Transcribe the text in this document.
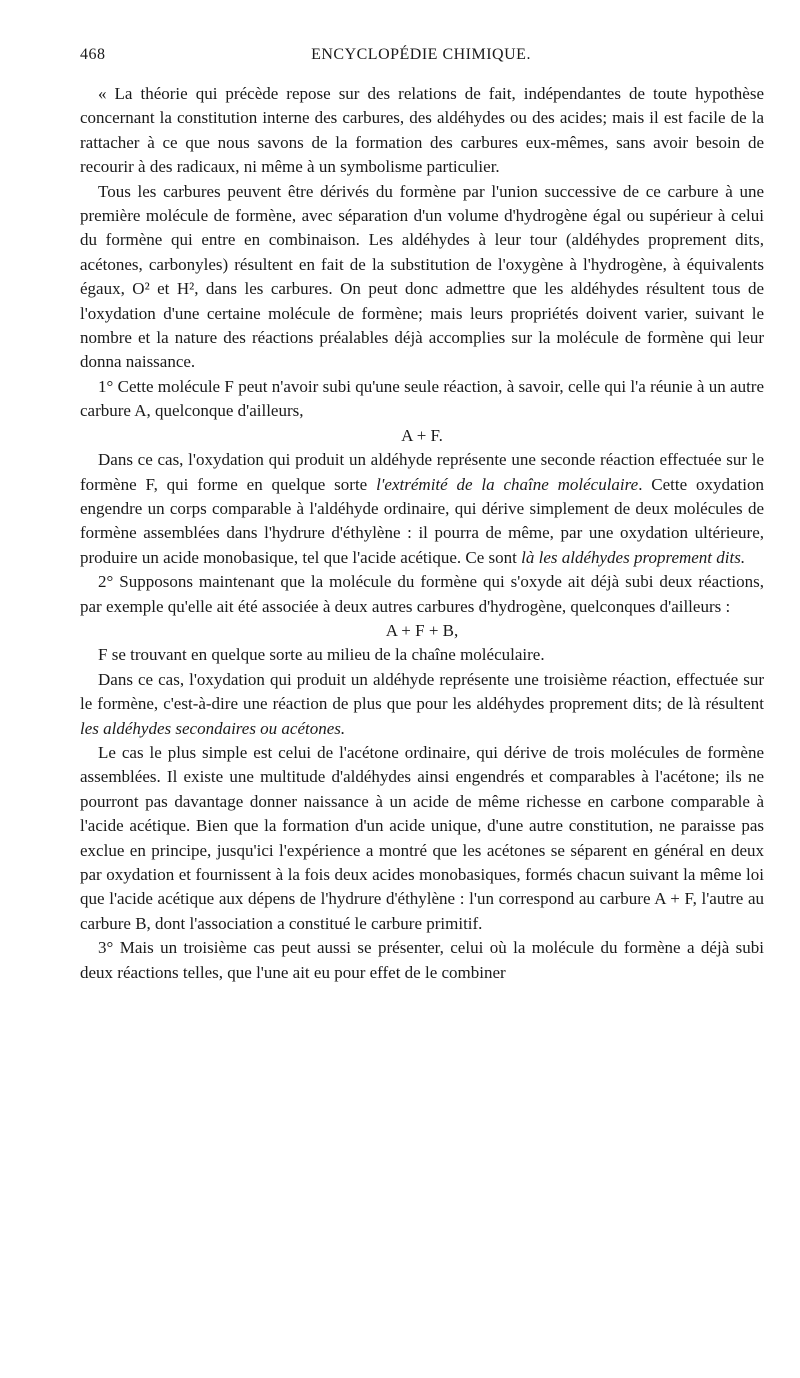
468	ENCYCLOPÉDIE CHIMIQUE.

« La théorie qui précède repose sur des relations de fait, indépendantes de toute hypothèse concernant la constitution interne des carbures, des aldéhydes ou des acides; mais il est facile de la rattacher à ce que nous savons de la formation des carbures eux-mêmes, sans avoir besoin de recourir à des radicaux, ni même à un symbolisme particulier.

Tous les carbures peuvent être dérivés du formène par l'union successive de ce carbure à une première molécule de formène, avec séparation d'un volume d'hydrogène égal ou supérieur à celui du formène qui entre en combinaison. Les aldéhydes à leur tour (aldéhydes proprement dits, acétones, carbonyles) résultent en fait de la substitution de l'oxygène à l'hydrogène, à équivalents égaux, O² et H², dans les carbures. On peut donc admettre que les aldéhydes résultent tous de l'oxydation d'une certaine molécule de formène; mais leurs propriétés doivent varier, suivant le nombre et la nature des réactions préalables déjà accomplies sur la molécule de formène qui leur donna naissance.

1° Cette molécule F peut n'avoir subi qu'une seule réaction, à savoir, celle qui l'a réunie à un autre carbure A, quelconque d'ailleurs,

A + F.

Dans ce cas, l'oxydation qui produit un aldéhyde représente une seconde réaction effectuée sur le formène F, qui forme en quelque sorte l'extrémité de la chaîne moléculaire. Cette oxydation engendre un corps comparable à l'aldéhyde ordinaire, qui dérive simplement de deux molécules de formène assemblées dans l'hydrure d'éthylène : il pourra de même, par une oxydation ultérieure, produire un acide monobasique, tel que l'acide acétique. Ce sont là les aldéhydes proprement dits.

2° Supposons maintenant que la molécule du formène qui s'oxyde ait déjà subi deux réactions, par exemple qu'elle ait été associée à deux autres carbures d'hydrogène, quelconques d'ailleurs :

A + F + B,

F se trouvant en quelque sorte au milieu de la chaîne moléculaire.

Dans ce cas, l'oxydation qui produit un aldéhyde représente une troisième réaction, effectuée sur le formène, c'est-à-dire une réaction de plus que pour les aldéhydes proprement dits; de là résultent les aldéhydes secondaires ou acétones.

Le cas le plus simple est celui de l'acétone ordinaire, qui dérive de trois molécules de formène assemblées. Il existe une multitude d'aldéhydes ainsi engendrés et comparables à l'acétone; ils ne pourront pas davantage donner naissance à un acide de même richesse en carbone comparable à l'acide acétique. Bien que la formation d'un acide unique, d'une autre constitution, ne paraisse pas exclue en principe, jusqu'ici l'expérience a montré que les acétones se séparent en général en deux par oxydation et fournissent à la fois deux acides monobasiques, formés chacun suivant la même loi que l'acide acétique aux dépens de l'hydrure d'éthylène : l'un correspond au carbure A + F, l'autre au carbure B, dont l'association a constitué le carbure primitif.

3° Mais un troisième cas peut aussi se présenter, celui où la molécule du formène a déjà subi deux réactions telles, que l'une ait eu pour effet de le combiner
